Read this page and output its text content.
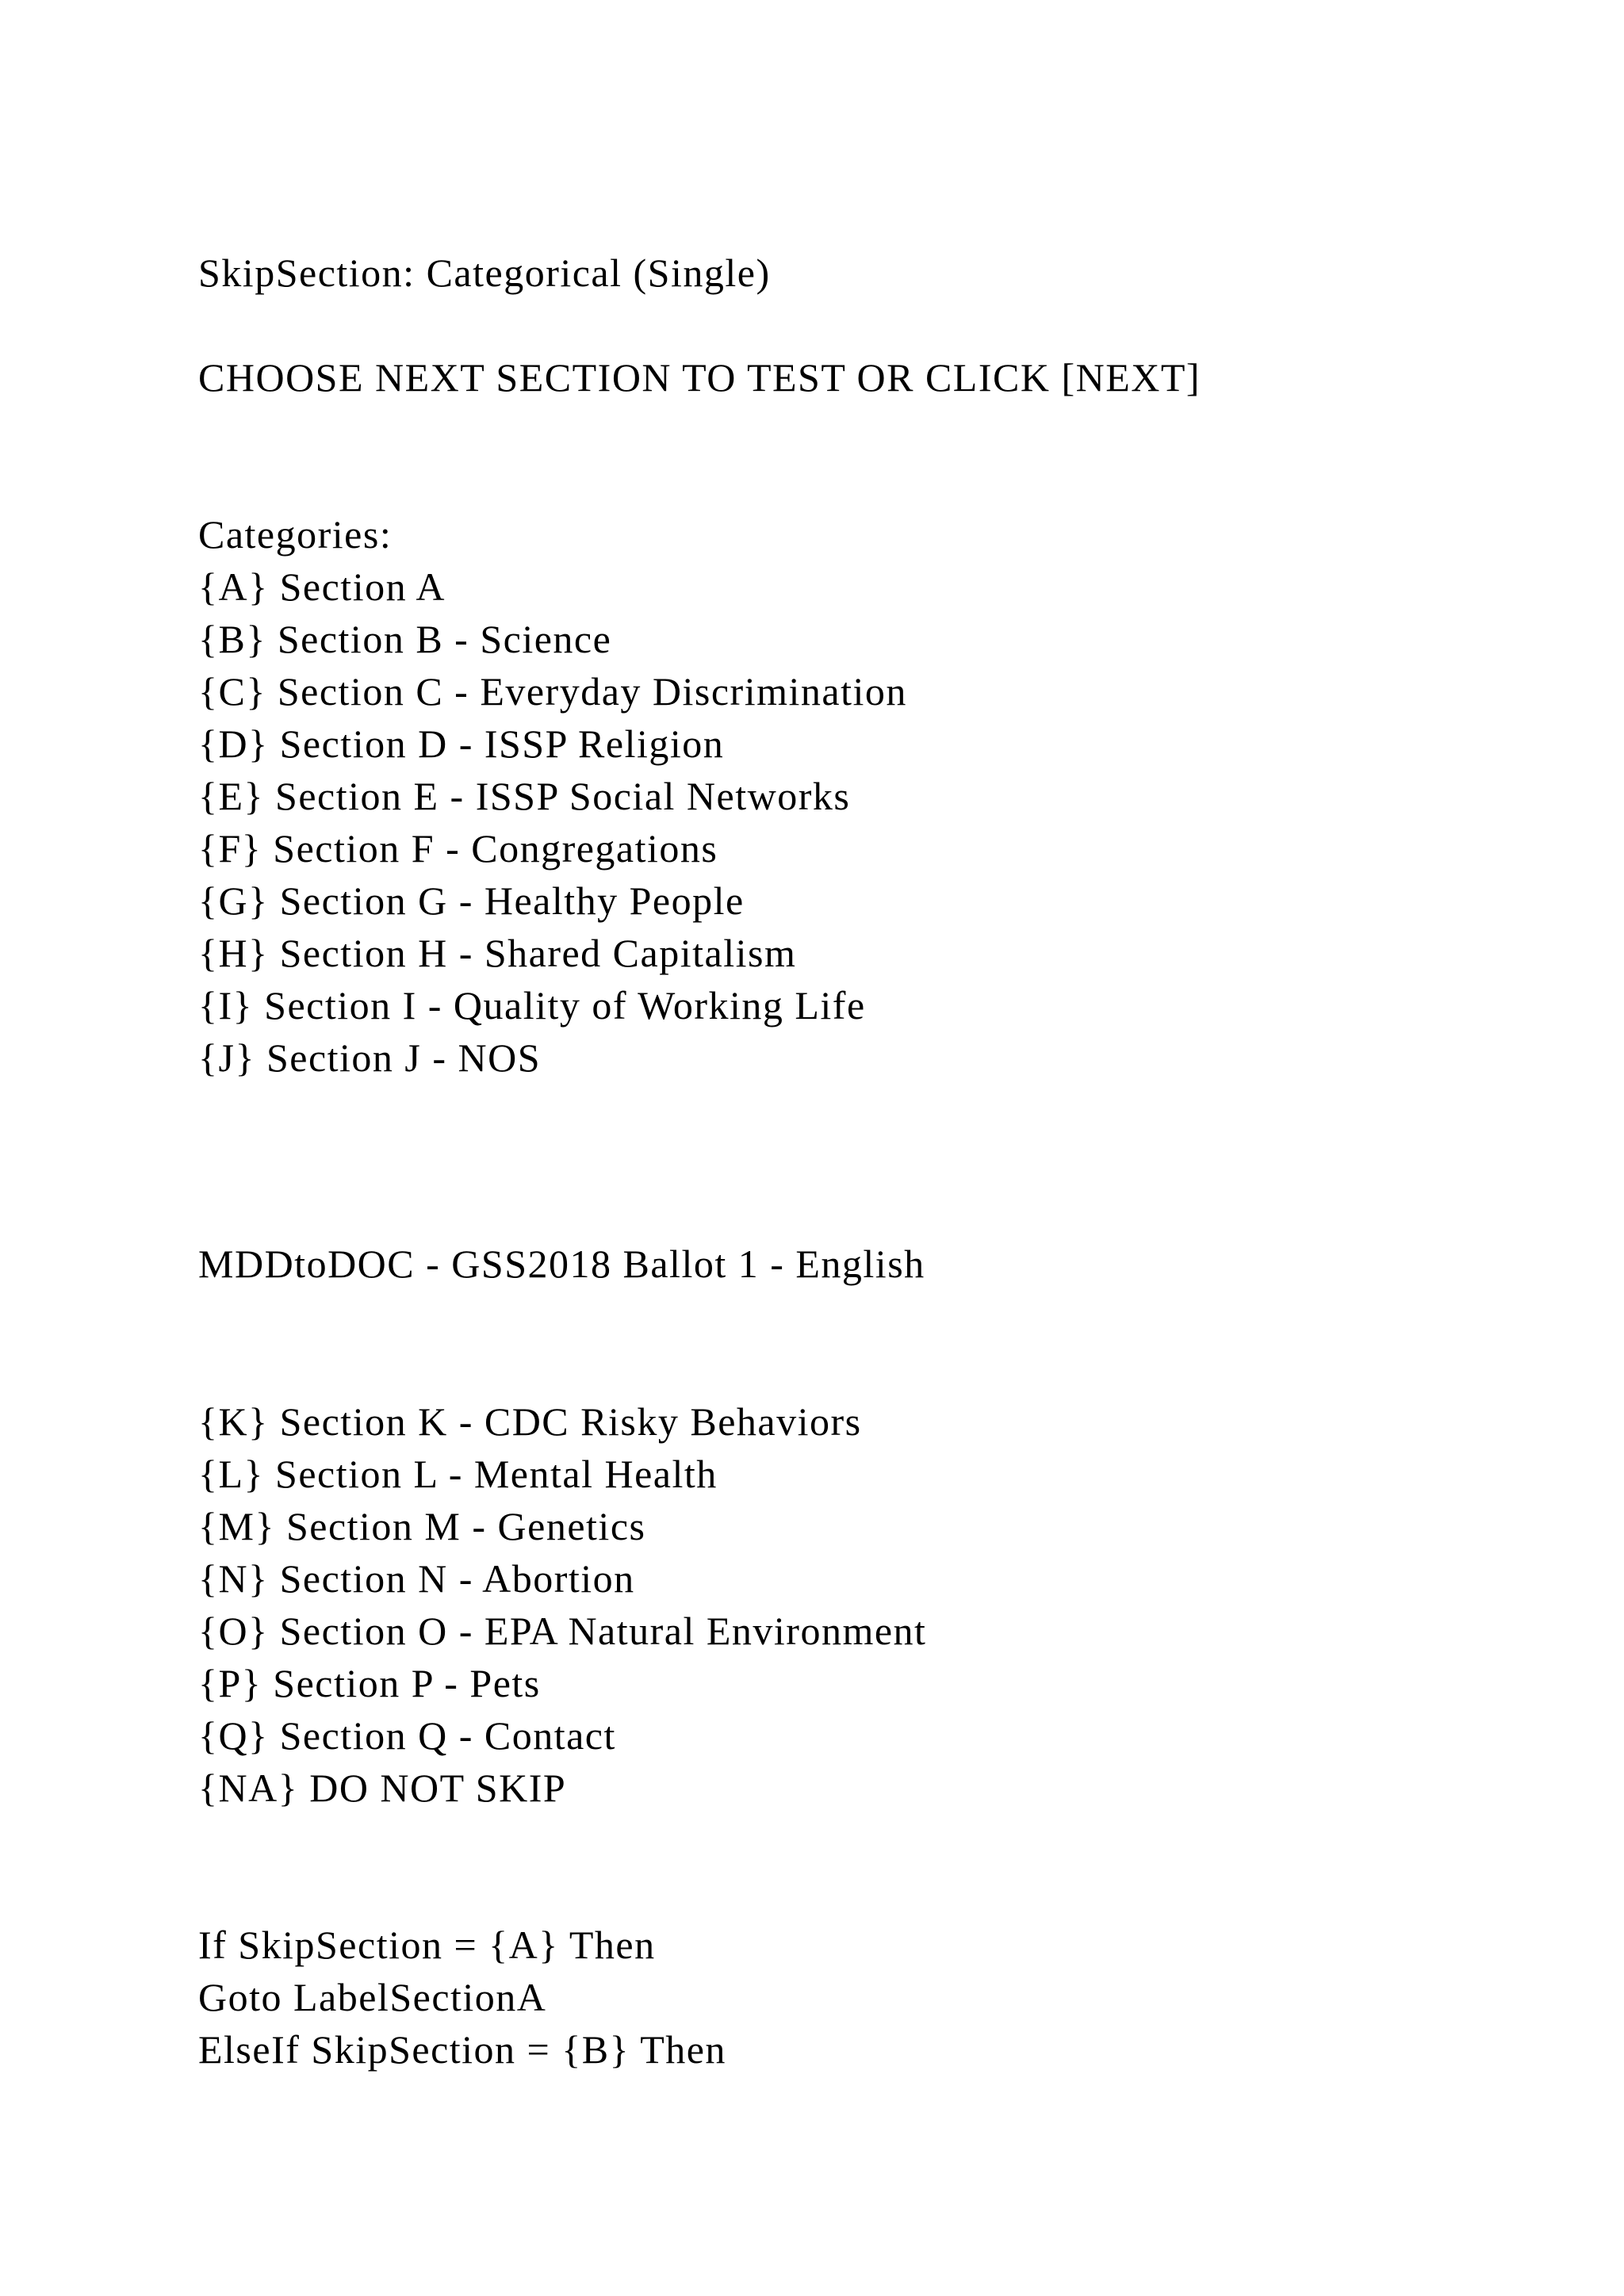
SkipSection: Categorical (Single)
CHOOSE NEXT SECTION TO TEST OR CLICK [NEXT]
Categories:
{A} Section A
{B} Section B - Science
{C} Section C - Everyday Discrimination
{D} Section D - ISSP Religion
{E} Section E - ISSP Social Networks
{F} Section F - Congregations
{G} Section G - Healthy People
{H} Section H - Shared Capitalism
{I} Section I - Quality of Working Life
{J} Section J - NOS
MDDtoDOC - GSS2018 Ballot 1 - English
{K} Section K - CDC Risky Behaviors
{L} Section L - Mental Health
{M} Section M - Genetics
{N} Section N - Abortion
{O} Section O - EPA Natural Environment
{P} Section P - Pets
{Q} Section Q - Contact
{NA} DO NOT SKIP
If SkipSection = {A} Then
Goto LabelSectionA
ElseIf SkipSection = {B} Then
